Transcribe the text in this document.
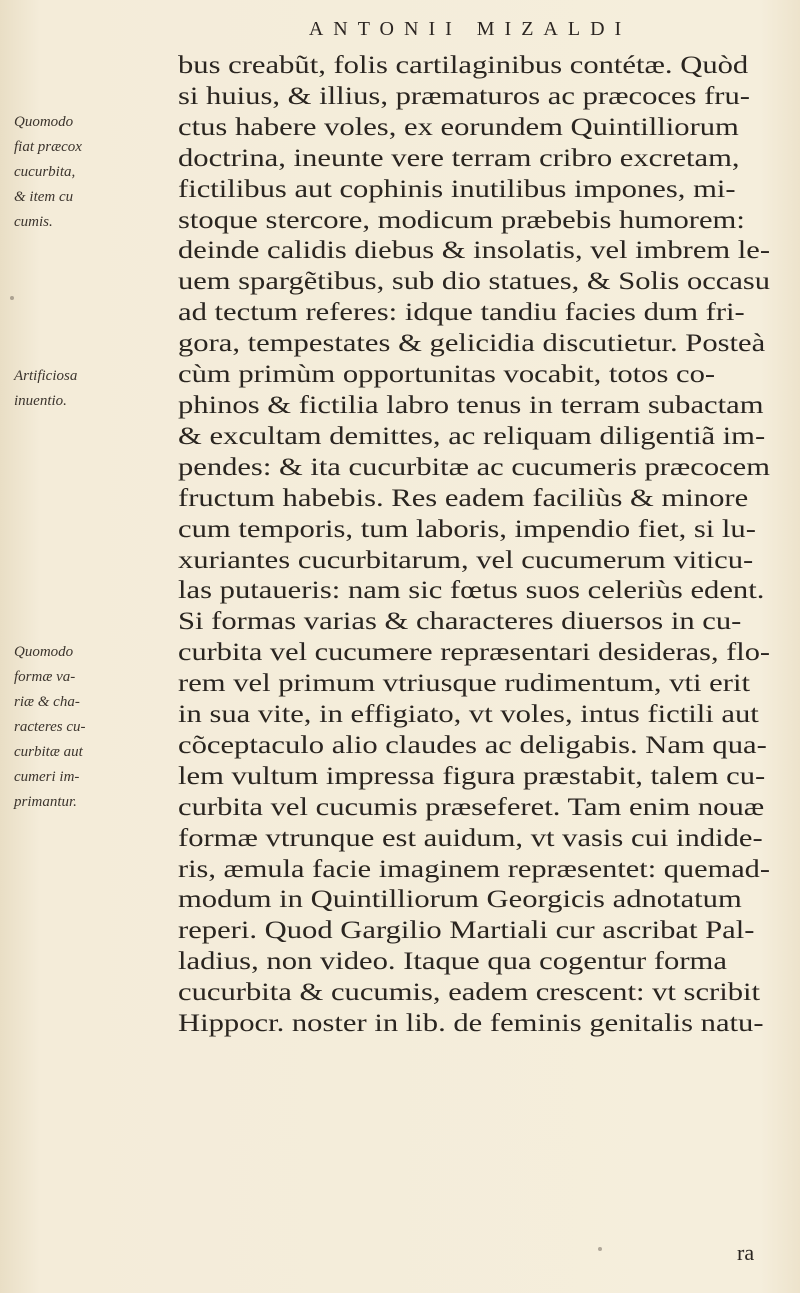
ANTONII MIZALDI
Quomodo
fiat præcox
cucurbita,
& item cu
cumis.
Artificiosa
inuentio.
Quomodo
formæ va-
riæ & cha-
racteres cu-
curbitæ aut
cumeri im-
primantur.
bus creabũt, folis cartilaginibus contétæ. Quòd
si huius, & illius, præmaturos ac præcoces fru-
ctus habere voles, ex eorundem Quintilliorum
doctrina, ineunte vere terram cribro excretam,
fictilibus aut cophinis inutilibus impones, mi-
stoque stercore, modicum præbebis humorem:
deinde calidis diebus & insolatis, vel imbrem le-
uem spargẽtibus, sub dio statues, & Solis occasu
ad tectum referes: idque tandiu facies dum fri-
gora, tempestates & gelicidia discutietur. Posteà
cùm primùm opportunitas vocabit, totos co-
phinos & fictilia labro tenus in terram subactam
& excultam demittes, ac reliquam diligentiã im-
pendes: & ita cucurbitæ ac cucumeris præcocem
fructum habebis. Res eadem faciliùs & minore
cum temporis, tum laboris, impendio fiet, si lu-
xuriantes cucurbitarum, vel cucumerum viticu-
las putaueris: nam sic fœtus suos celeriùs edent.
Si formas varias & characteres diuersos in cu-
curbita vel cucumere repræsentari desideras, flo-
rem vel primum vtriusque rudimentum, vti erit
in sua vite, in effigiato, vt voles, intus fictili aut
cõceptaculo alio claudes ac deligabis. Nam qua-
lem vultum impressa figura præstabit, talem cu-
curbita vel cucumis præseferet. Tam enim nouæ
formæ vtrunque est auidum, vt vasis cui indide-
ris, æmula facie imaginem repræsentet: quemad-
modum in Quintilliorum Georgicis adnotatum
reperi. Quod Gargilio Martiali cur ascribat Pal-
ladius, non video. Itaque qua cogentur forma
cucurbita & cucumis, eadem crescent: vt scribit
Hippocr. noster in lib. de feminis genitalis natu-
ra
